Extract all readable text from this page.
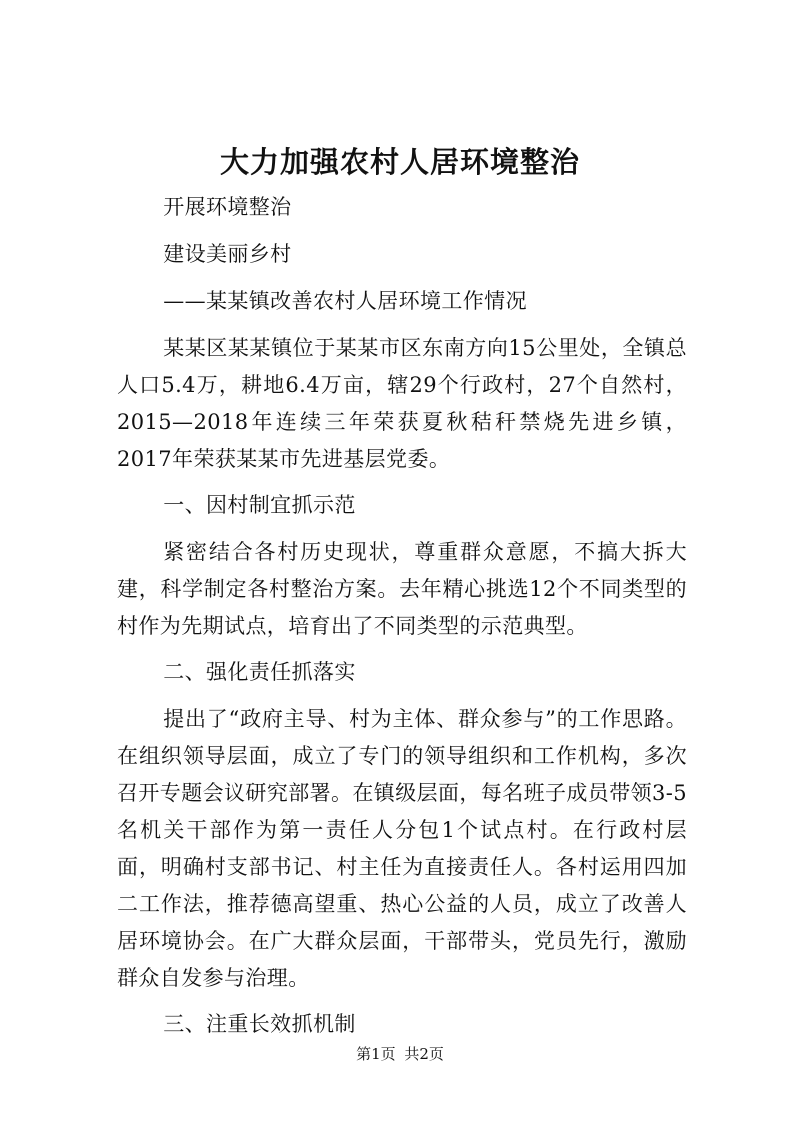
大力加强农村人居环境整治

开展环境整治

建设美丽乡村

——某某镇改善农村人居环境工作情况

某某区某某镇位于某某市区东南方向15公里处，全镇总人口5.4万，耕地6.4万亩，辖29个行政村，27个自然村，2015—2018年连续三年荣获夏秋秸秆禁烧先进乡镇，2017年荣获某某市先进基层党委。

一、因村制宜抓示范

紧密结合各村历史现状，尊重群众意愿，不搞大拆大建，科学制定各村整治方案。去年精心挑选12个不同类型的村作为先期试点，培育出了不同类型的示范典型。

二、强化责任抓落实

提出了“政府主导、村为主体、群众参与”的工作思路。在组织领导层面，成立了专门的领导组织和工作机构，多次召开专题会议研究部署。在镇级层面，每名班子成员带领3-5名机关干部作为第一责任人分包1个试点村。在行政村层面，明确村支部书记、村主任为直接责任人。各村运用四加二工作法，推荐德高望重、热心公益的人员，成立了改善人居环境协会。在广大群众层面，干部带头，党员先行，激励群众自发参与治理。

三、注重长效抓机制

第1页 共2页
